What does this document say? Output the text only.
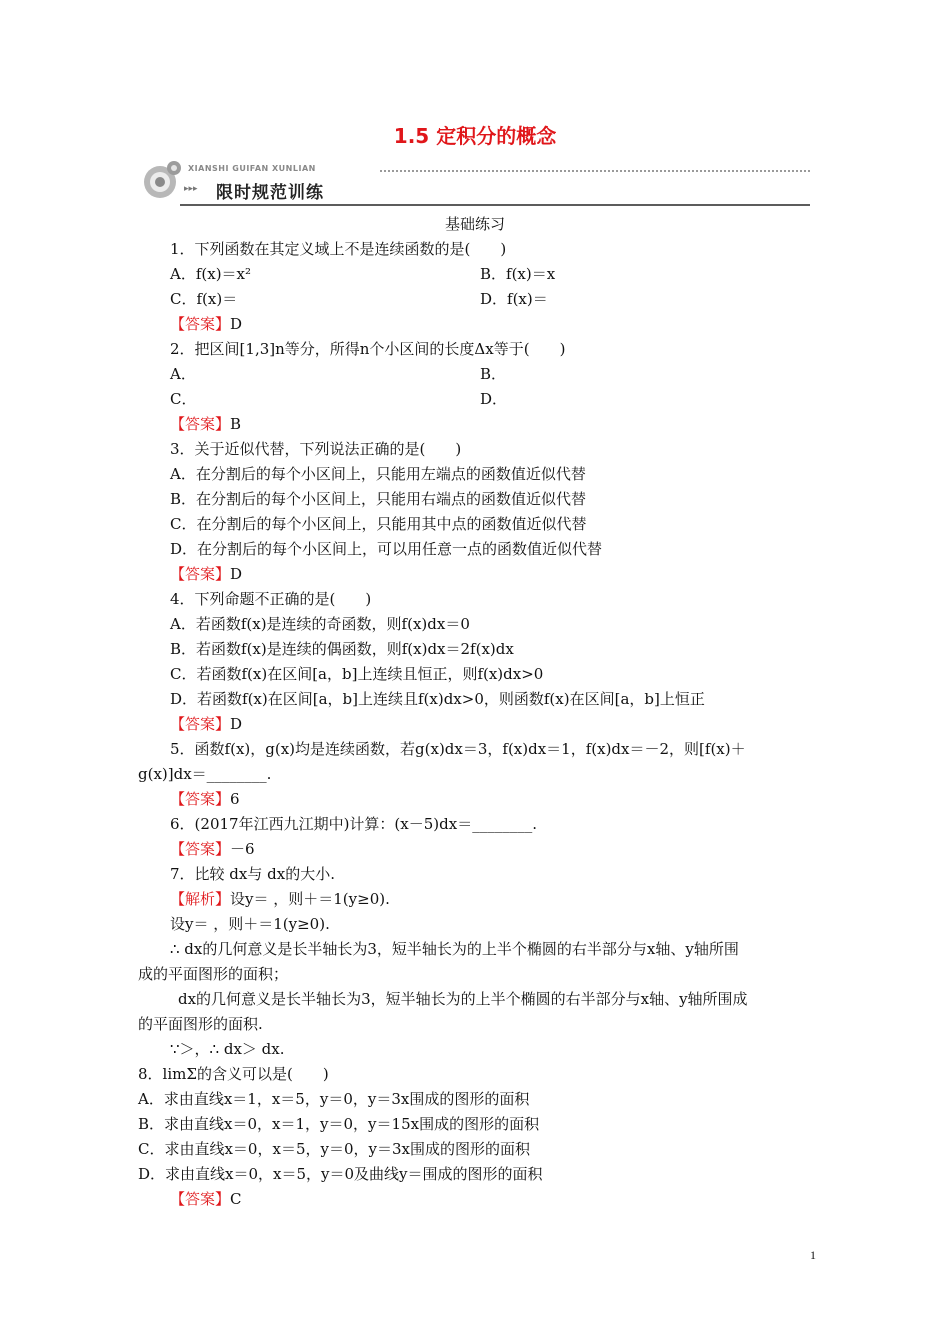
1.5 定积分的概念
XIANSHI GUIFAN XUNLIAN
▸▸▸ 限时规范训练
基础练习
1．下列函数在其定义域上不是连续函数的是(　　)
A．f(x)＝x²	B．f(x)＝x
C．f(x)＝	D．f(x)＝
【答案】D
2．把区间[1,3]n等分，所得n个小区间的长度Δx等于(　　)
A．	B．
C．	D．
【答案】B
3．关于近似代替，下列说法正确的是(　　)
A．在分割后的每个小区间上，只能用左端点的函数值近似代替
B．在分割后的每个小区间上，只能用右端点的函数值近似代替
C．在分割后的每个小区间上，只能用其中点的函数值近似代替
D．在分割后的每个小区间上，可以用任意一点的函数值近似代替
【答案】D
4．下列命题不正确的是(　　)
A．若函数f(x)是连续的奇函数，则f(x)dx＝0
B．若函数f(x)是连续的偶函数，则f(x)dx＝2f(x)dx
C．若函数f(x)在区间[a，b]上连续且恒正，则f(x)dx>0
D．若函数f(x)在区间[a，b]上连续且f(x)dx>0，则函数f(x)在区间[a，b]上恒正
【答案】D
5．函数f(x)，g(x)均是连续函数，若g(x)dx＝3，f(x)dx＝1，f(x)dx＝－2，则[f(x)＋
g(x)]dx＝________.
【答案】6
6．(2017年江西九江期中)计算：(x－5)dx＝________.
【答案】－6
7．比较 dx与 dx的大小.
【解析】设y＝ ，则＋＝1(y≥0).
设y＝ ，则＋＝1(y≥0).
∴ dx的几何意义是长半轴长为3，短半轴长为的上半个椭圆的右半部分与x轴、y轴所围
成的平面图形的面积；
dx的几何意义是长半轴长为3，短半轴长为的上半个椭圆的右半部分与x轴、y轴所围成
的平面图形的面积.
∵＞，∴ dx＞ dx.
8．limΣ的含义可以是(　　)
A．求由直线x＝1，x＝5，y＝0，y＝3x围成的图形的面积
B．求由直线x＝0，x＝1，y＝0，y＝15x围成的图形的面积
C．求由直线x＝0，x＝5，y＝0，y＝3x围成的图形的面积
D．求由直线x＝0，x＝5，y＝0及曲线y＝围成的图形的面积
【答案】C
1
